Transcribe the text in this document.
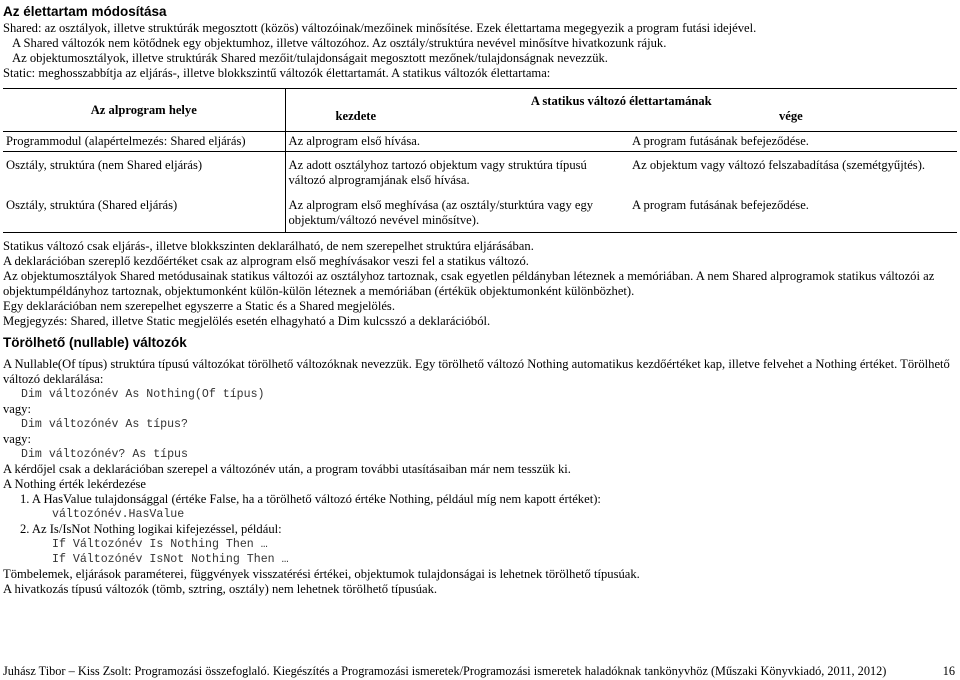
Az élettartam módosítása

Shared: az osztályok, illetve struktúrák megosztott (közös) változóinak/mezőinek minősítése. Ezek élettartama megegyezik a program futási idejével.

A Shared változók nem kötődnek egy objektumhoz, illetve változóhoz. Az osztály/struktúra nevével minősítve hivatkozunk rájuk.

Az objektumosztályok, illetve struktúrák Shared mezőit/tulajdonságait megosztott mezőnek/tulajdonságnak nevezzük.

Static: meghosszabbítja az eljárás-, illetve blokkszintű változók élettartamát. A statikus változók élettartama:

Az alprogram helye	A statikus változó élettartamának	
	kezdete	vége
Programmodul (alapértelmezés: Shared eljárás)	Az alprogram első hívása.	A program futásának befejeződése.
Osztály, struktúra (nem Shared eljárás)	Az adott osztályhoz tartozó objektum vagy struktúra típusú változó alprogramjának első hívása.	Az objektum vagy változó felszabadítása (szemétgyűjtés).
Osztály, struktúra (Shared eljárás)	Az alprogram első meghívása (az osztály/sturktúra vagy egy objektum/változó nevével minősítve).	A program futásának befejeződése.

Statikus változó csak eljárás-, illetve blokkszinten deklarálható, de nem szerepelhet struktúra eljárásában.

A deklarációban szereplő kezdőértéket csak az alprogram első meghívásakor veszi fel a statikus változó.

Az objektumosztályok Shared metódusainak statikus változói az osztályhoz tartoznak, csak egyetlen példányban léteznek a memóriában. A nem Shared alprogramok statikus változói az objektumpéldányhoz tartoznak, objektumonként külön-külön léteznek a memóriában (értékük objektumonként különbözhet).

Egy deklarációban nem szerepelhet egyszerre a Static és a Shared megjelölés.

Megjegyzés: Shared, illetve Static megjelölés esetén elhagyható a Dim kulcsszó a deklarációból.

Törölhető (nullable) változók

A Nullable(Of típus) struktúra típusú változókat törölhető változóknak nevezzük. Egy törölhető változó Nothing automatikus kezdőértéket kap, illetve felvehet a Nothing értéket. Törölhető változó deklarálása:

Dim változónév As Nothing(Of típus)
vagy:
Dim változónév As típus?
vagy:
Dim változónév? As típus

A kérdőjel csak a deklarációban szerepel a változónév után, a program további utasításaiban már nem tesszük ki.

A Nothing érték lekérdezése

1. A HasValue tulajdonsággal (értéke False, ha a törölhető változó értéke Nothing, például míg nem kapott értéket):

változónév.HasValue

2. Az Is/IsNot Nothing logikai kifejezéssel, például:

If Változónév Is Nothing Then …
If Változónév IsNot Nothing Then …

Tömbelemek, eljárások paraméterei, függvények visszatérési értékei, objektumok tulajdonságai is lehetnek törölhető típusúak.

A hivatkozás típusú változók (tömb, sztring, osztály) nem lehetnek törölhető típusúak.

Juhász Tibor – Kiss Zsolt: Programozási összefoglaló. Kiegészítés a Programozási ismeretek/Programozási ismeretek haladóknak tankönyvhöz (Műszaki Könyvkiadó, 2011, 2012)	16
